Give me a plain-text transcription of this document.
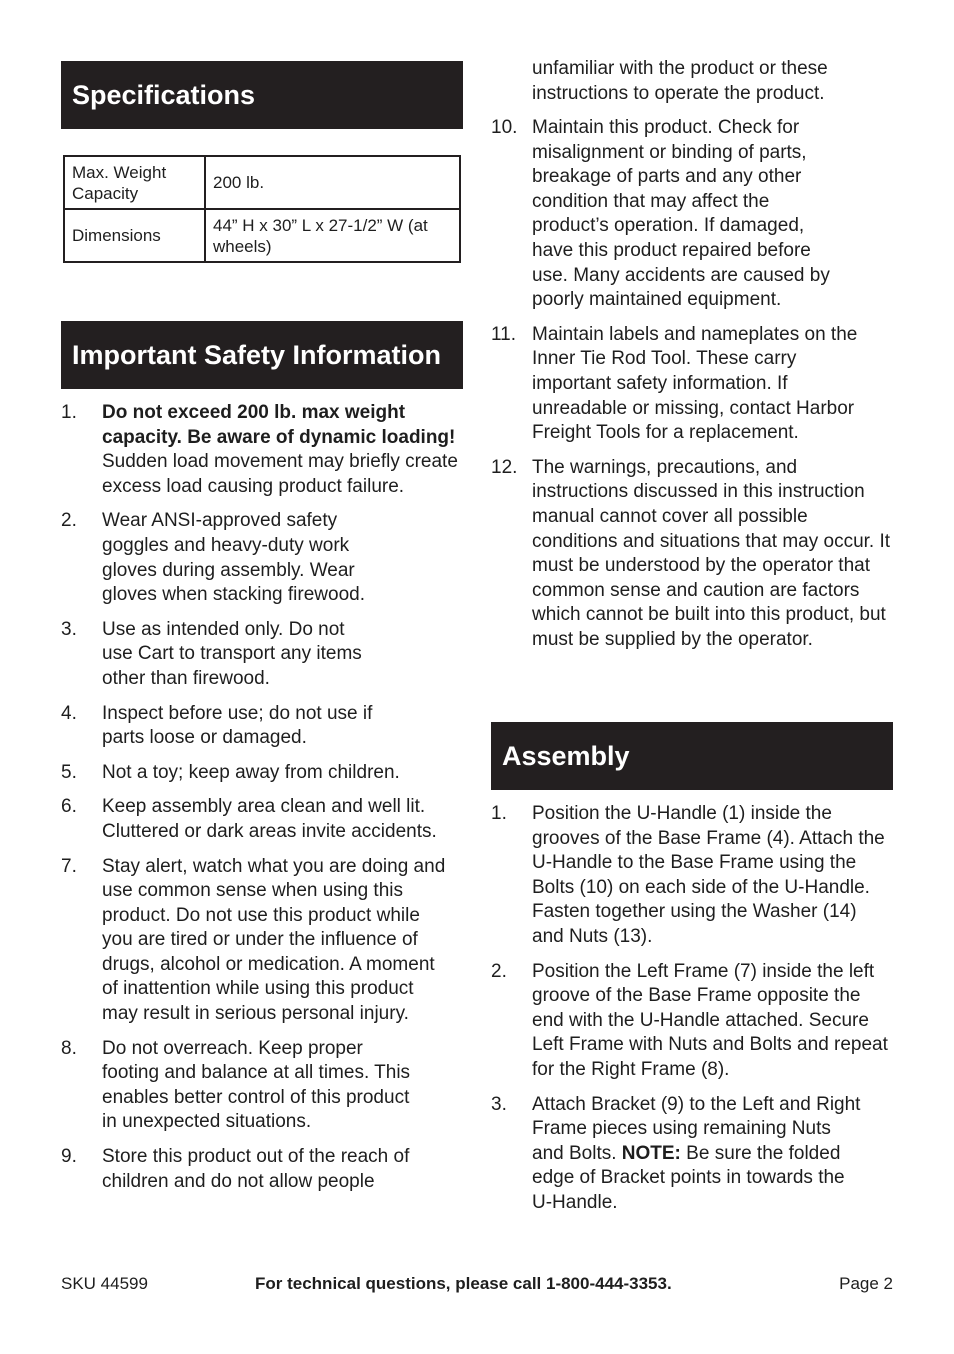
Specifications
Max. Weight Capacity	200 lb.
Dimensions	44” H x 30” L x 27-1/2” W (at wheels)
Important Safety Information
1. Do not exceed 200 lb. max weight capacity. Be aware of dynamic loading! Sudden load movement may briefly create excess load causing product failure.
2. Wear ANSI-approved safety goggles and heavy-duty work gloves during assembly. Wear gloves when stacking firewood.
3. Use as intended only. Do not use Cart to transport any items other than firewood.
4. Inspect before use; do not use if parts loose or damaged.
5. Not a toy; keep away from children.
6. Keep assembly area clean and well lit. Cluttered or dark areas invite accidents.
7. Stay alert, watch what you are doing and use common sense when using this product. Do not use this product while you are tired or under the influence of drugs, alcohol or medication. A moment of inattention while using this product may result in serious personal injury.
8. Do not overreach. Keep proper footing and balance at all times. This enables better control of this product in unexpected situations.
9. Store this product out of the reach of children and do not allow people

unfamiliar with the product or these instructions to operate the product.

10. Maintain this product. Check for misalignment or binding of parts, breakage of parts and any other condition that may affect the product’s operation. If damaged, have this product repaired before use. Many accidents are caused by poorly maintained equipment.
11. Maintain labels and nameplates on the Inner Tie Rod Tool. These carry important safety information. If unreadable or missing, contact Harbor Freight Tools for a replacement.
12. The warnings, precautions, and instructions discussed in this instruction manual cannot cover all possible conditions and situations that may occur. It must be understood by the operator that common sense and caution are factors which cannot be built into this product, but must be supplied by the operator.
Assembly
1. Position the U-Handle (1) inside the grooves of the Base Frame (4). Attach the U-Handle to the Base Frame using the Bolts (10) on each side of the U-Handle. Fasten together using the Washer (14) and Nuts (13).
2. Position the Left Frame (7) inside the left groove of the Base Frame opposite the end with the U-Handle attached. Secure Left Frame with Nuts and Bolts and repeat for the Right Frame (8).
3. Attach Bracket (9) to the Left and Right Frame pieces using remaining Nuts and Bolts. NOTE: Be sure the folded edge of Bracket points in towards the U-Handle.
SKU 44599	For technical questions, please call 1-800-444-3353.	Page 2
